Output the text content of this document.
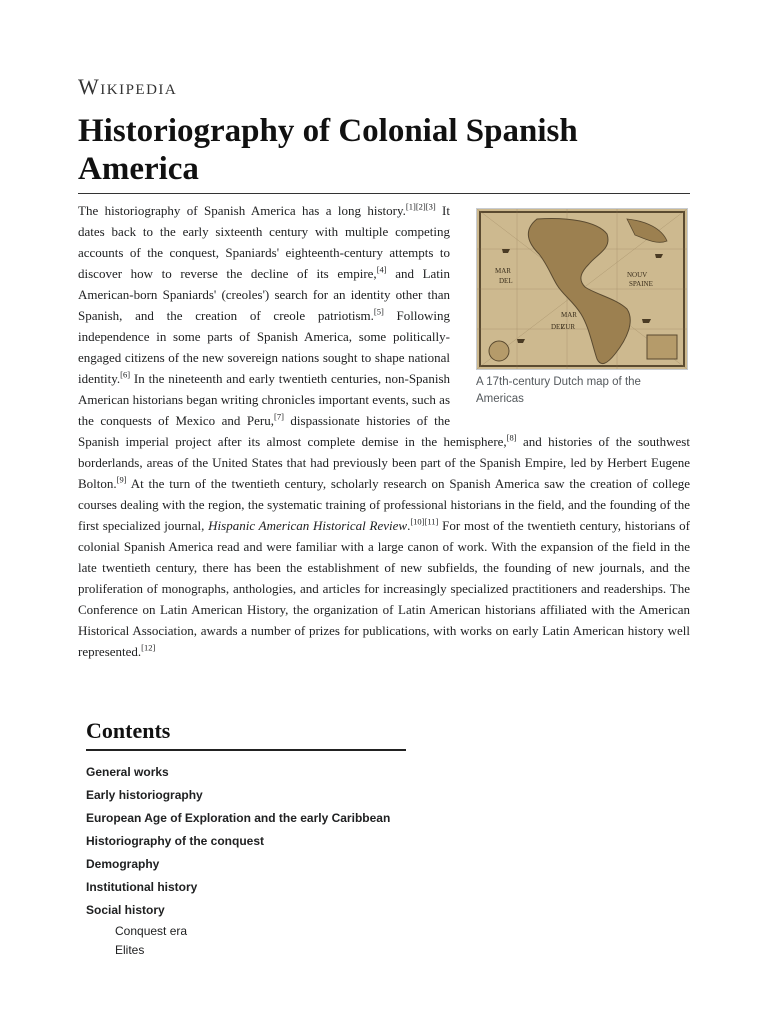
Wikipedia
Historiography of Colonial Spanish America
MAR
DEL
NOUV
SPAINE
MAR
DEL
ZUR
A 17th-century Dutch map of the Americas

The historiography of Spanish America has a long history.[1][2][3] It dates back to the early sixteenth century with multiple competing accounts of the conquest, Spaniards' eighteenth-century attempts to discover how to reverse the decline of its empire,[4] and Latin American-born Spaniards' (creoles') search for an identity other than Spanish, and the creation of creole patriotism.[5] Following independence in some parts of Spanish America, some politically-engaged citizens of the new sovereign nations sought to shape national identity.[6] In the nineteenth and early twentieth centuries, non-Spanish American historians began writing chronicles important events, such as the conquests of Mexico and Peru,[7] dispassionate histories of the Spanish imperial project after its almost complete demise in the hemisphere,[8] and histories of the southwest borderlands, areas of the United States that had previously been part of the Spanish Empire, led by Herbert Eugene Bolton.[9] At the turn of the twentieth century, scholarly research on Spanish America saw the creation of college courses dealing with the region, the systematic training of professional historians in the field, and the founding of the first specialized journal, Hispanic American Historical Review.[10][11] For most of the twentieth century, historians of colonial Spanish America read and were familiar with a large canon of work. With the expansion of the field in the late twentieth century, there has been the establishment of new subfields, the founding of new journals, and the proliferation of monographs, anthologies, and articles for increasingly specialized practitioners and readerships. The Conference on Latin American History, the organization of Latin American historians affiliated with the American Historical Association, awards a number of prizes for publications, with works on early Latin American history well represented.[12]

Contents
General works
Early historiography
European Age of Exploration and the early Caribbean
Historiography of the conquest
Demography
Institutional history
Social history
Conquest era
Elites
